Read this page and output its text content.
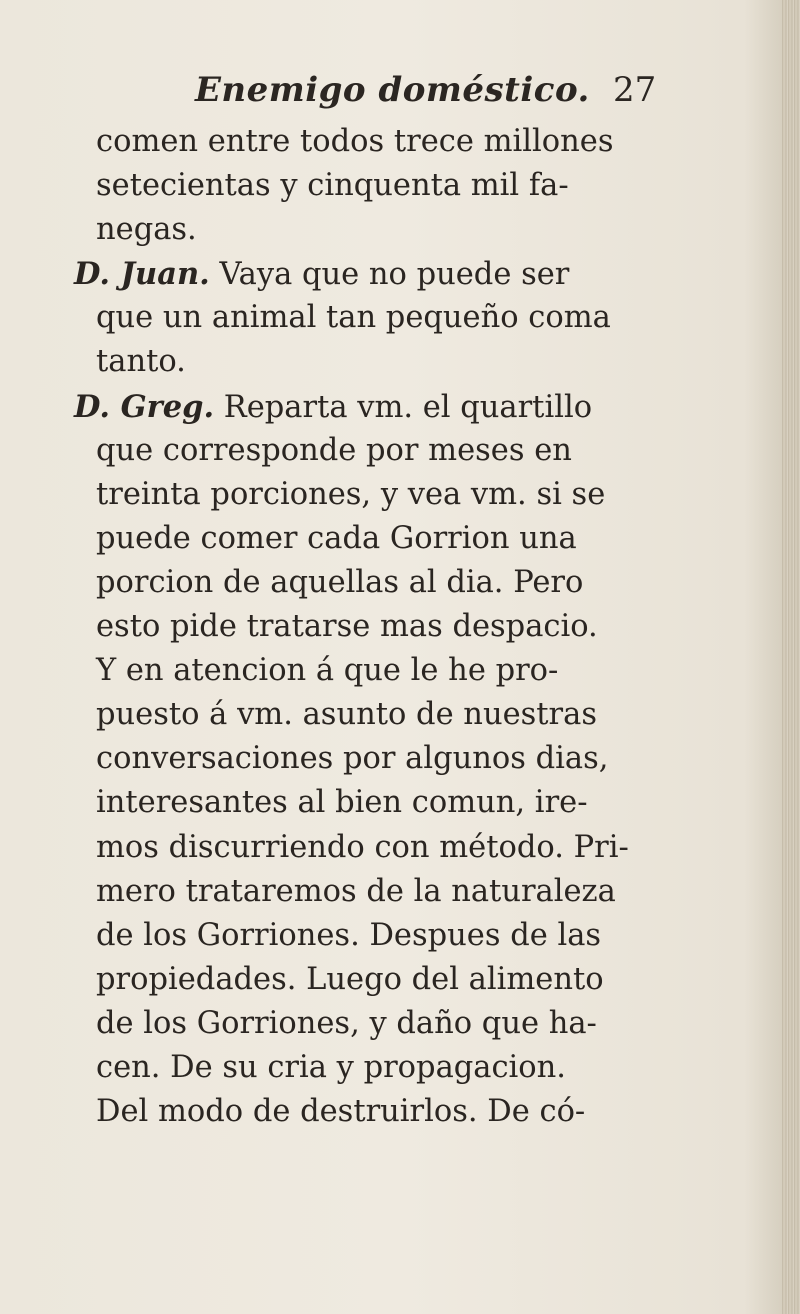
Enemigo doméstico. 27
comen entre todos trece millones
setecientas y cinquenta mil fa-
negas.
D. Juan. Vaya que no puede ser
que un animal tan pequeño coma
tanto.
D. Greg. Reparta vm. el quartillo
que corresponde por meses en
treinta porciones, y vea vm. si se
puede comer cada Gorrion una
porcion de aquellas al dia. Pero
esto pide tratarse mas despacio.
Y en atencion á que le he pro-
puesto á vm. asunto de nuestras
conversaciones por algunos dias,
interesantes al bien comun, ire-
mos discurriendo con método. Pri-
mero trataremos de la naturaleza
de los Gorriones. Despues de las
propiedades. Luego del alimento
de los Gorriones, y daño que ha-
cen. De su cria y propagacion.
Del modo de destruirlos. De có-
